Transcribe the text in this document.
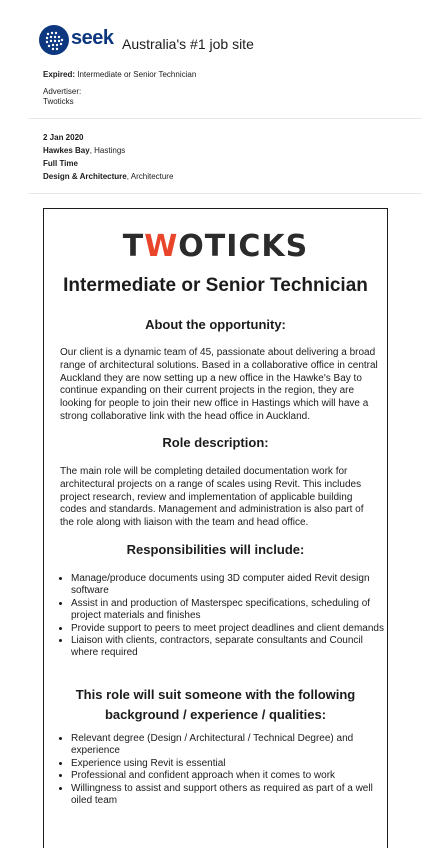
seek Australia's #1 job site
Expired: Intermediate or Senior Technician
Advertiser:
Twoticks
2 Jan 2020
Hawkes Bay, Hastings
Full Time
Design & Architecture, Architecture
TWOTICKS
Intermediate or Senior Technician
About the opportunity:
Our client is a dynamic team of 45, passionate about delivering a broad range of architectural solutions. Based in a collaborative office in central Auckland they are now setting up a new office in the Hawke's Bay to continue expanding on their current projects in the region, they are looking for people to join their new office in Hastings which will have a strong collaborative link with the head office in Auckland.
Role description:
The main role will be completing detailed documentation work for architectural projects on a range of scales using Revit. This includes project research, review and implementation of applicable building codes and standards. Management and administration is also part of the role along with liaison with the team and head office.
Responsibilities will include:
• Manage/produce documents using 3D computer aided Revit design software
• Assist in and production of Masterspec specifications, scheduling of project materials and finishes
• Provide support to peers to meet project deadlines and client demands
• Liaison with clients, contractors, separate consultants and Council where required
This role will suit someone with the following
background / experience / qualities:
• Relevant degree (Design / Architectural / Technical Degree) and experience
• Experience using Revit is essential
• Professional and confident approach when it comes to work
• Willingness to assist and support others as required as part of a well oiled team
